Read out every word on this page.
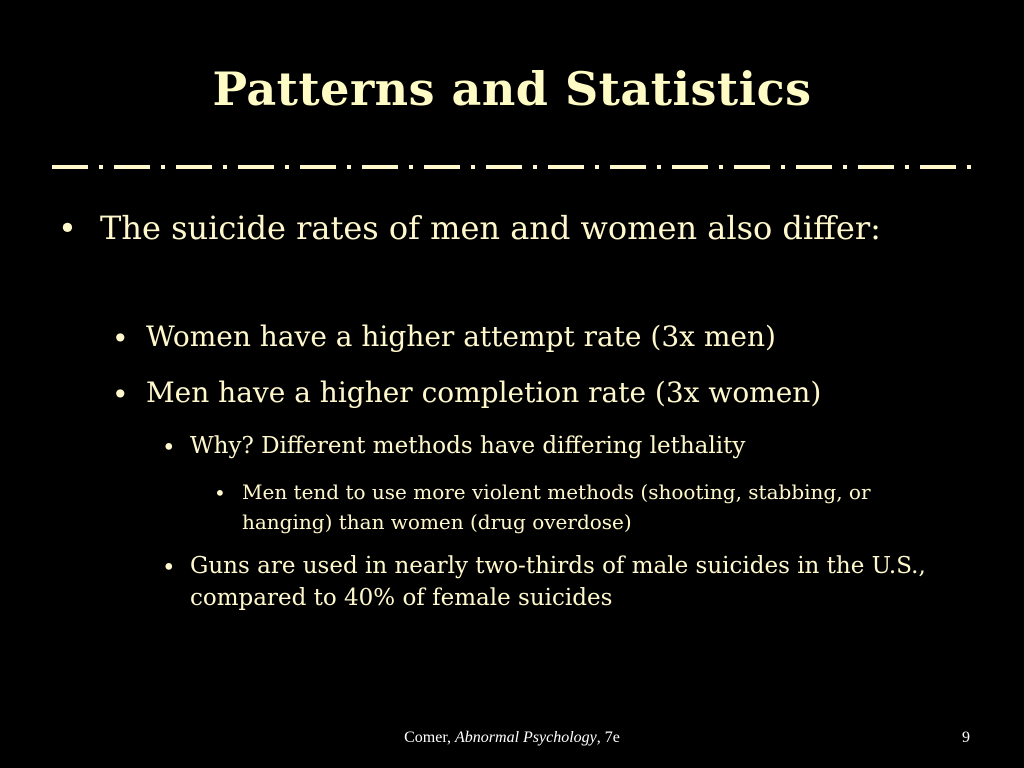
Patterns and Statistics
• The suicide rates of men and women also differ:
• Women have a higher attempt rate (3x men)
• Men have a higher completion rate (3x women)
• Why? Different methods have differing lethality
• Men tend to use more violent methods (shooting, stabbing, or hanging) than women (drug overdose)
• Guns are used in nearly two-thirds of male suicides in the U.S., compared to 40% of female suicides
Comer, Abnormal Psychology, 7e	9
